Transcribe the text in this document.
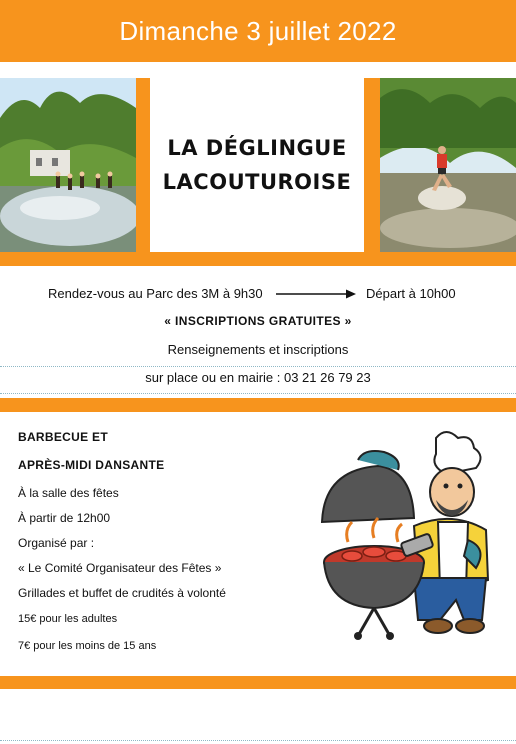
Dimanche 3 juillet 2022
LA DÉGLINGUE
LACOUTUROISE
Rendez-vous au Parc des 3M à 9h30	Départ à 10h00
« INSCRIPTIONS GRATUITES »
Renseignements et inscriptions
sur place ou en mairie : 03 21 26 79 23
BARBECUE ET
APRÈS-MIDI DANSANTE
À la salle des fêtes
À partir de 12h00
Organisé par :
« Le Comité Organisateur des Fêtes »
Grillades et buffet de crudités à volonté
15€ pour les adultes
7€ pour les moins de 15 ans
